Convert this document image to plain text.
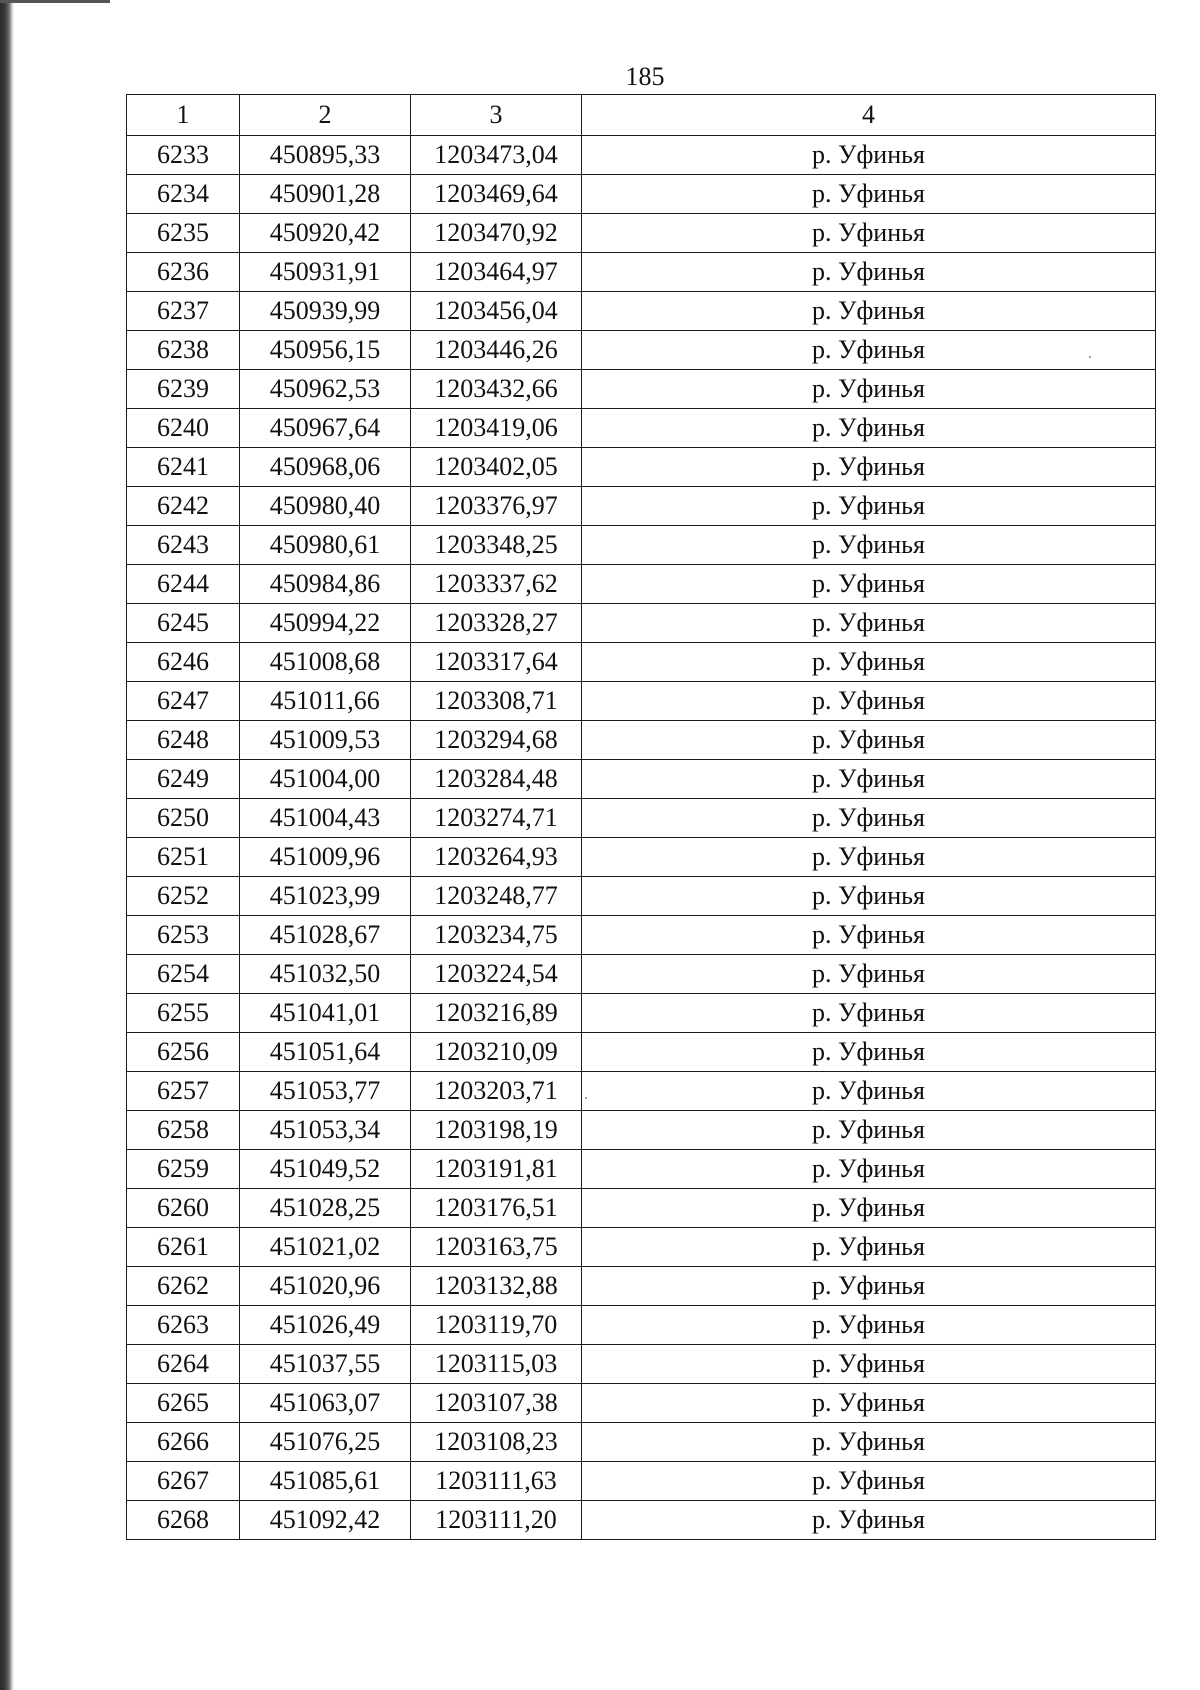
185
1	2	3	4
6233	450895,33	1203473,04	р. Уфинья
6234	450901,28	1203469,64	р. Уфинья
6235	450920,42	1203470,92	р. Уфинья
6236	450931,91	1203464,97	р. Уфинья
6237	450939,99	1203456,04	р. Уфинья
6238	450956,15	1203446,26	р. Уфинья
6239	450962,53	1203432,66	р. Уфинья
6240	450967,64	1203419,06	р. Уфинья
6241	450968,06	1203402,05	р. Уфинья
6242	450980,40	1203376,97	р. Уфинья
6243	450980,61	1203348,25	р. Уфинья
6244	450984,86	1203337,62	р. Уфинья
6245	450994,22	1203328,27	р. Уфинья
6246	451008,68	1203317,64	р. Уфинья
6247	451011,66	1203308,71	р. Уфинья
6248	451009,53	1203294,68	р. Уфинья
6249	451004,00	1203284,48	р. Уфинья
6250	451004,43	1203274,71	р. Уфинья
6251	451009,96	1203264,93	р. Уфинья
6252	451023,99	1203248,77	р. Уфинья
6253	451028,67	1203234,75	р. Уфинья
6254	451032,50	1203224,54	р. Уфинья
6255	451041,01	1203216,89	р. Уфинья
6256	451051,64	1203210,09	р. Уфинья
6257	451053,77	1203203,71	р. Уфинья
6258	451053,34	1203198,19	р. Уфинья
6259	451049,52	1203191,81	р. Уфинья
6260	451028,25	1203176,51	р. Уфинья
6261	451021,02	1203163,75	р. Уфинья
6262	451020,96	1203132,88	р. Уфинья
6263	451026,49	1203119,70	р. Уфинья
6264	451037,55	1203115,03	р. Уфинья
6265	451063,07	1203107,38	р. Уфинья
6266	451076,25	1203108,23	р. Уфинья
6267	451085,61	1203111,63	р. Уфинья
6268	451092,42	1203111,20	р. Уфинья
